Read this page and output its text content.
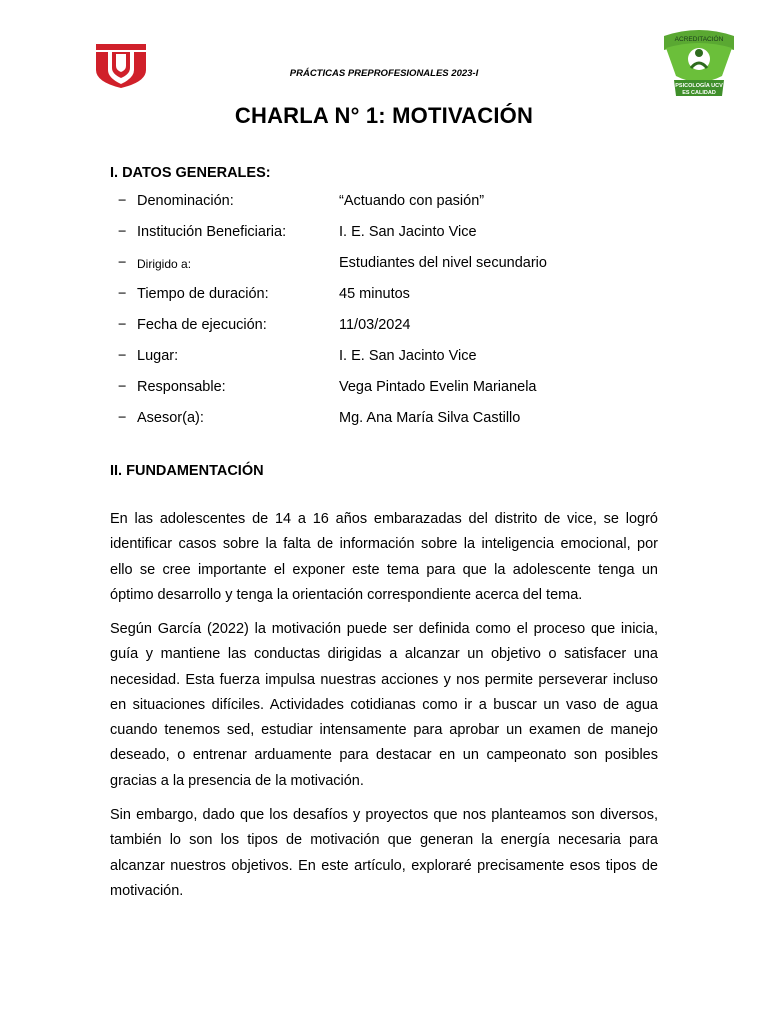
PRÁCTICAS PREPROFESIONALES 2023-I
ACREDITACIÓN
PSICOLOGÍA UCV
ES CALIDAD
CHARLA N° 1: MOTIVACIÓN
I. DATOS GENERALES:
− Denominación:	“Actuando con pasión”
− Institución Beneficiaria:	I. E. San Jacinto Vice
− Dirigido a:	Estudiantes del nivel secundario
− Tiempo de duración:	45 minutos
− Fecha de ejecución:	11/03/2024
− Lugar:	I. E. San Jacinto Vice
− Responsable:	Vega Pintado Evelin Marianela
− Asesor(a):	Mg. Ana María Silva Castillo
II. FUNDAMENTACIÓN

En las adolescentes de 14 a 16 años embarazadas del distrito de vice, se logró identificar casos sobre la falta de información sobre la inteligencia emocional, por ello se cree importante el exponer este tema para que la adolescente tenga un óptimo desarrollo y tenga la orientación correspondiente acerca del tema.

Según García (2022) la motivación puede ser definida como el proceso que inicia, guía y mantiene las conductas dirigidas a alcanzar un objetivo o satisfacer una necesidad. Esta fuerza impulsa nuestras acciones y nos permite perseverar incluso en situaciones difíciles. Actividades cotidianas como ir a buscar un vaso de agua cuando tenemos sed, estudiar intensamente para aprobar un examen de manejo deseado, o entrenar arduamente para destacar en un campeonato son posibles gracias a la presencia de la motivación.

Sin embargo, dado que los desafíos y proyectos que nos planteamos son diversos, también lo son los tipos de motivación que generan la energía necesaria para alcanzar nuestros objetivos. En este artículo, exploraré precisamente esos tipos de motivación.
